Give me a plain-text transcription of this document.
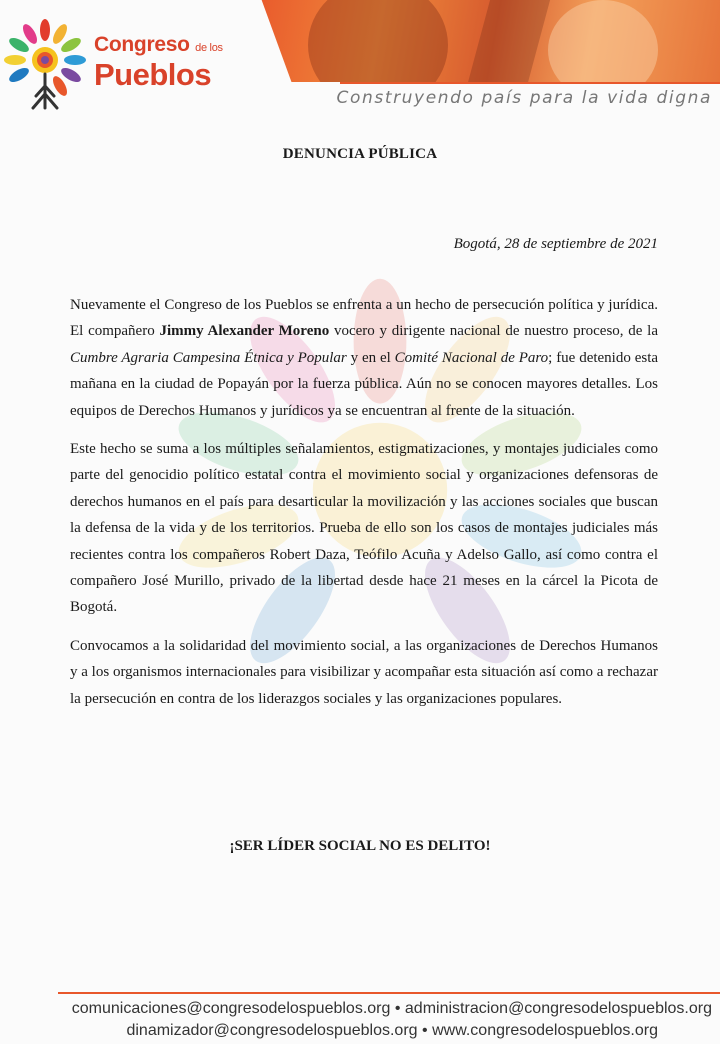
Congreso de los
Pueblos
Construyendo país para la vida digna
DENUNCIA PÚBLICA
Bogotá, 28 de septiembre de 2021

Nuevamente el Congreso de los Pueblos se enfrenta a un hecho de persecución política y jurídica. El compañero Jimmy Alexander Moreno vocero y dirigente nacional de nuestro proceso, de la Cumbre Agraria Campesina Étnica y Popular y en el Comité Nacional de Paro; fue detenido esta mañana en la ciudad de Popayán por la fuerza pública. Aún no se conocen mayores detalles. Los equipos de Derechos Humanos y jurídicos ya se encuentran al frente de la situación.

Este hecho se suma a los múltiples señalamientos, estigmatizaciones, y montajes judiciales como parte del genocidio político estatal contra el movimiento social y organizaciones defensoras de derechos humanos en el país para desarticular la movilización y las acciones sociales que buscan la defensa de la vida y de los territorios. Prueba de ello son los casos de montajes judiciales más recientes contra los compañeros Robert Daza, Teófilo Acuña y Adelso Gallo, así como contra el compañero José Murillo, privado de la libertad desde hace 21 meses en la cárcel la Picota de Bogotá.

Convocamos a la solidaridad del movimiento social, a las organizaciones de Derechos Humanos y a los organismos internacionales para visibilizar y acompañar esta situación así como a rechazar la persecución en contra de los liderazgos sociales y las organizaciones populares.

¡SER LÍDER SOCIAL NO ES DELITO!
comunicaciones@congresodelospueblos.org • administracion@congresodelospueblos.org
dinamizador@congresodelospueblos.org • www.congresodelospueblos.org
